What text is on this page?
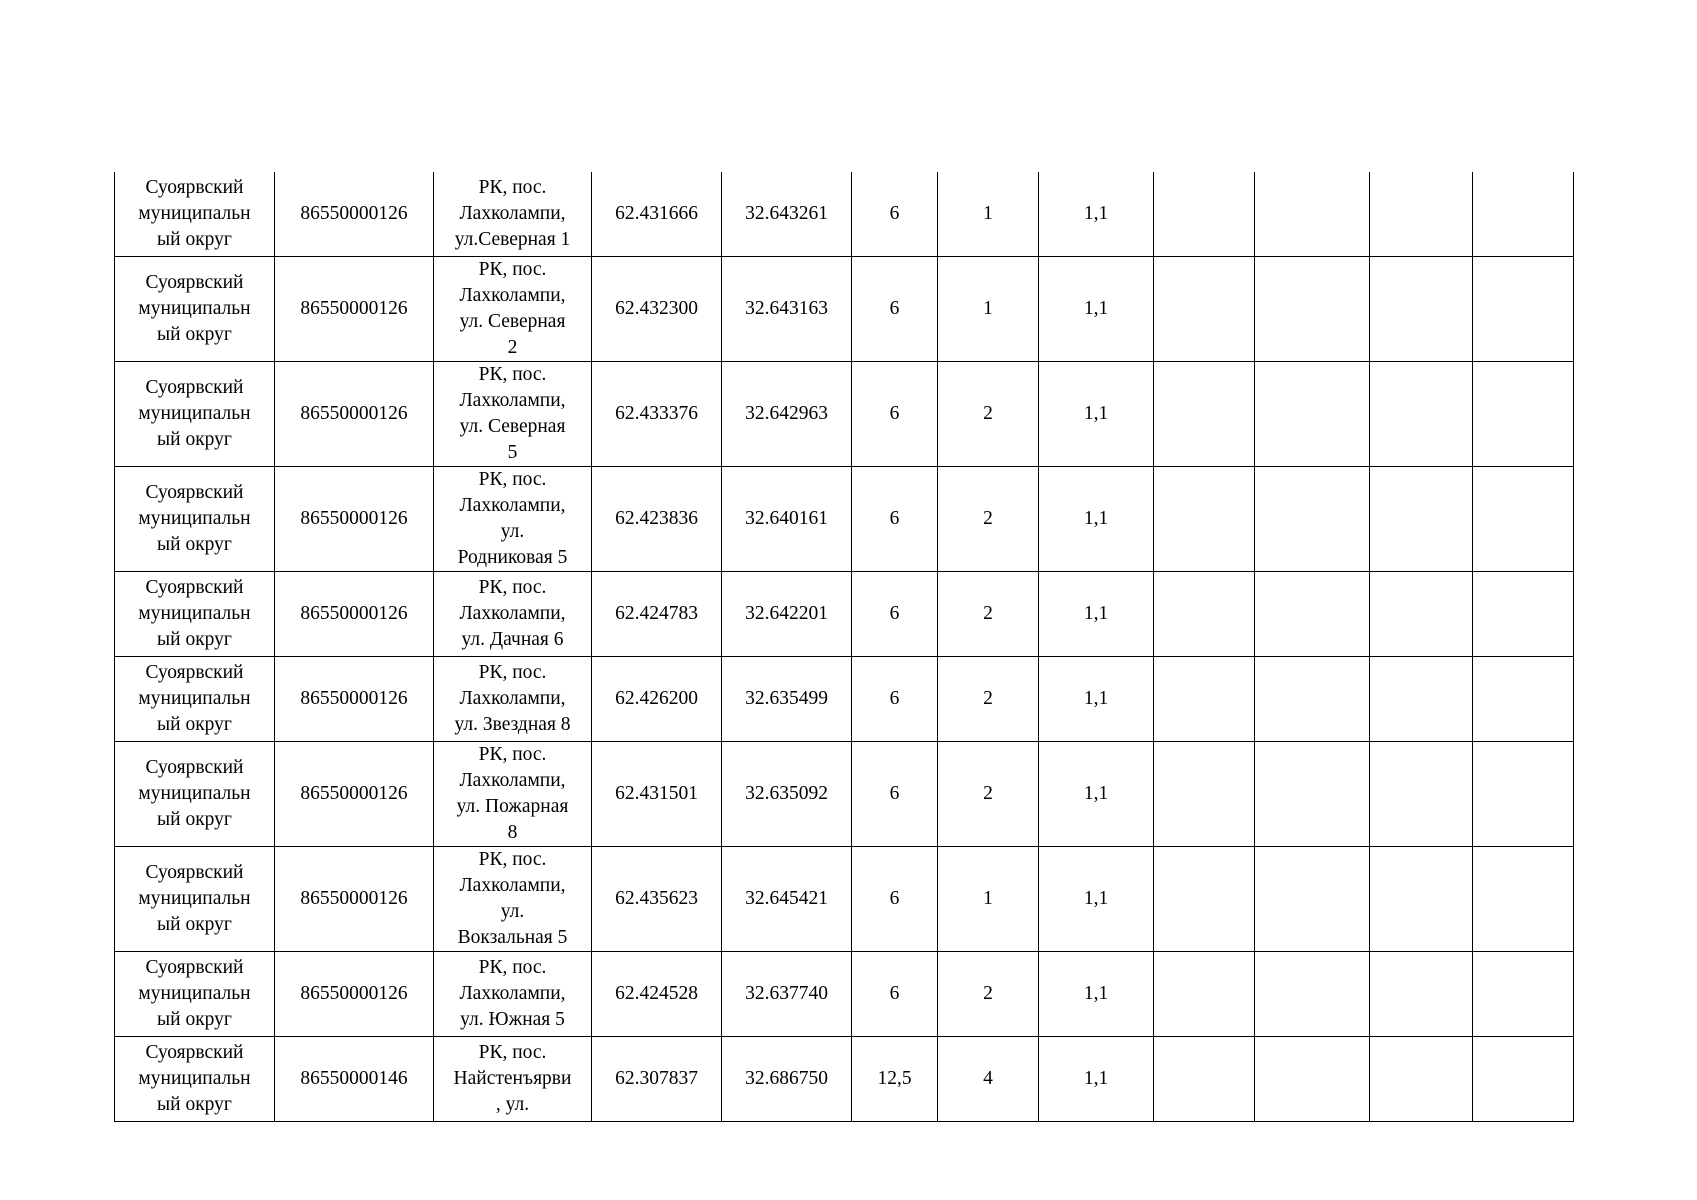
Суоярвский
муниципальн
ый округ	86550000126	РК, пос.
Лахколампи,
ул.Северная 1	62.431666	32.643261	6	1	1,1				

Суоярвский
муниципальн
ый округ	86550000126	РК, пос.
Лахколампи,
ул. Северная
2	62.432300	32.643163	6	1	1,1				

Суоярвский
муниципальн
ый округ	86550000126	РК, пос.
Лахколампи,
ул. Северная
5	62.433376	32.642963	6	2	1,1				

Суоярвский
муниципальн
ый округ	86550000126	РК, пос.
Лахколампи,
ул.
Родниковая 5	62.423836	32.640161	6	2	1,1				

Суоярвский
муниципальн
ый округ	86550000126	РК, пос.
Лахколампи,
ул. Дачная 6	62.424783	32.642201	6	2	1,1				

Суоярвский
муниципальн
ый округ	86550000126	РК, пос.
Лахколампи,
ул. Звездная 8	62.426200	32.635499	6	2	1,1				

Суоярвский
муниципальн
ый округ	86550000126	РК, пос.
Лахколампи,
ул. Пожарная
8	62.431501	32.635092	6	2	1,1				

Суоярвский
муниципальн
ый округ	86550000126	РК, пос.
Лахколампи,
ул.
Вокзальная 5	62.435623	32.645421	6	1	1,1				

Суоярвский
муниципальн
ый округ	86550000126	РК, пос.
Лахколампи,
ул. Южная 5	62.424528	32.637740	6	2	1,1				

Суоярвский
муниципальн
ый округ	86550000146	РК, пос.
Найстенъярви
, ул.	62.307837	32.686750	12,5	4	1,1				
